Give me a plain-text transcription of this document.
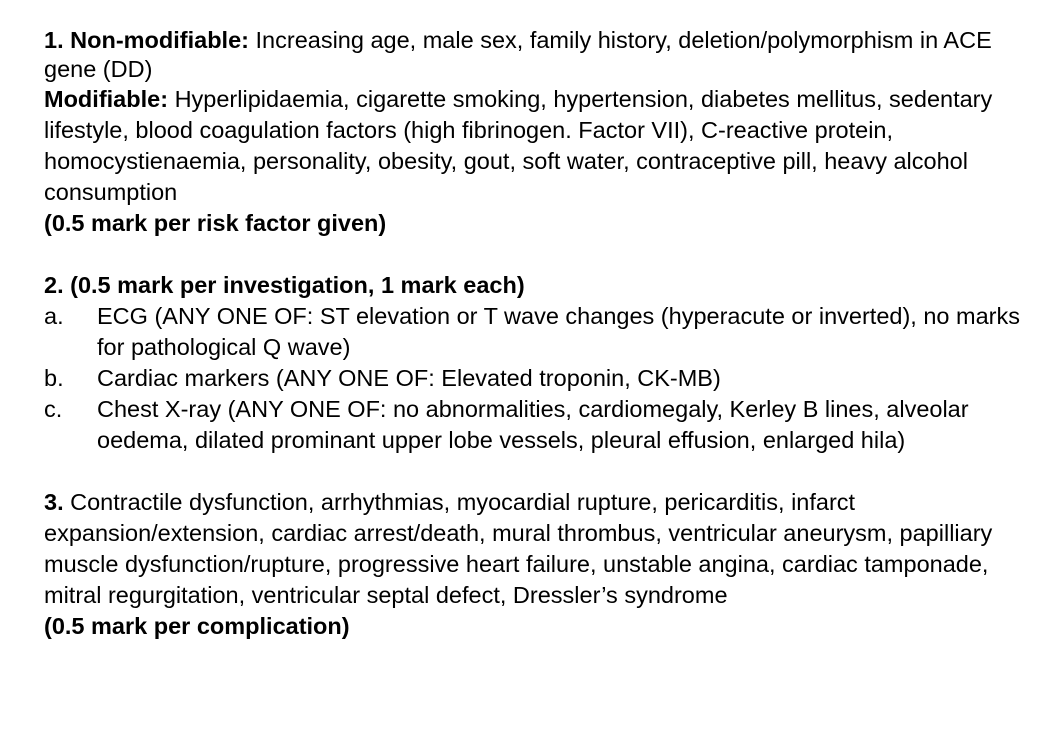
1. Non-modifiable: Increasing age, male sex, family history, deletion/polymorphism in ACE gene (DD)

Modifiable: Hyperlipidaemia, cigarette smoking, hypertension, diabetes mellitus, sedentary lifestyle, blood coagulation factors (high fibrinogen. Factor VII), C-reactive protein, homocystienaemia, personality, obesity, gout, soft water, contraceptive pill, heavy alcohol consumption

(0.5 mark per risk factor given)

2. (0.5 mark per investigation, 1 mark each)

a.	ECG (ANY ONE OF: ST elevation or T wave changes (hyperacute or inverted), no marks for pathological Q wave)
b.	Cardiac markers (ANY ONE OF: Elevated troponin, CK-MB)
c.	Chest X-ray (ANY ONE OF: no abnormalities, cardiomegaly, Kerley B lines, alveolar oedema, dilated prominant upper lobe vessels, pleural effusion, enlarged hila)

3. Contractile dysfunction, arrhythmias, myocardial rupture, pericarditis, infarct expansion/extension, cardiac arrest/death, mural thrombus, ventricular aneurysm, papilliary muscle dysfunction/rupture, progressive heart failure, unstable angina, cardiac tamponade, mitral regurgitation, ventricular septal defect, Dressler’s syndrome

(0.5 mark per complication)
